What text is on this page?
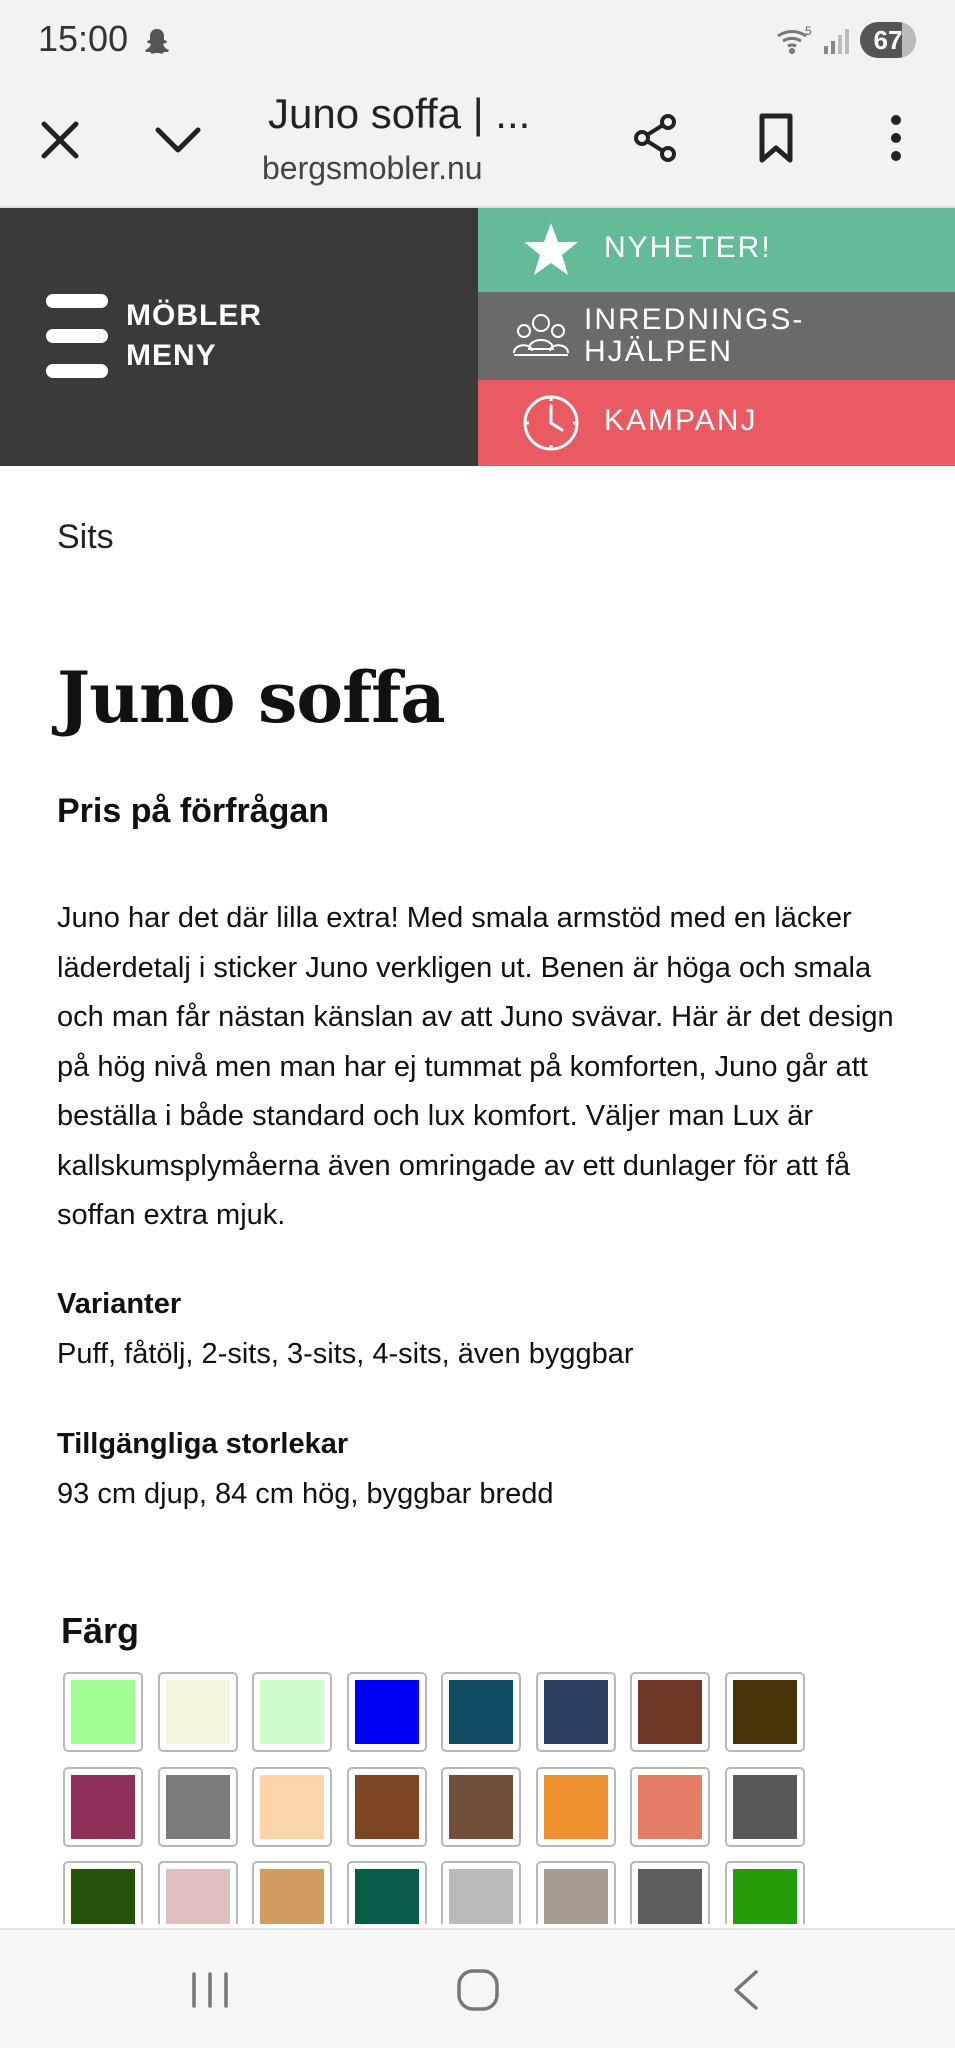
15:00	5	67
Juno soffa | ...
bergsmobler.nu
MÖBLER
MENY
NYHETER!
INREDNINGS-
HJÄLPEN
KAMPANJ
Sits
Juno soffa
Pris på förfrågan

Juno har det där lilla extra! Med smala armstöd med en läcker läderdetalj i sticker Juno verkligen ut. Benen är höga och smala och man får nästan känslan av att Juno svävar. Här är det design på hög nivå men man har ej tummat på komforten, Juno går att beställa i både standard och lux komfort. Väljer man Lux är kallskumsplymåerna även omringade av ett dunlager för att få soffan extra mjuk.

Varianter
Puff, fåtölj, 2-sits, 3-sits, 4-sits, även byggbar
Tillgängliga storlekar
93 cm djup, 84 cm hög, byggbar bredd
Färg
